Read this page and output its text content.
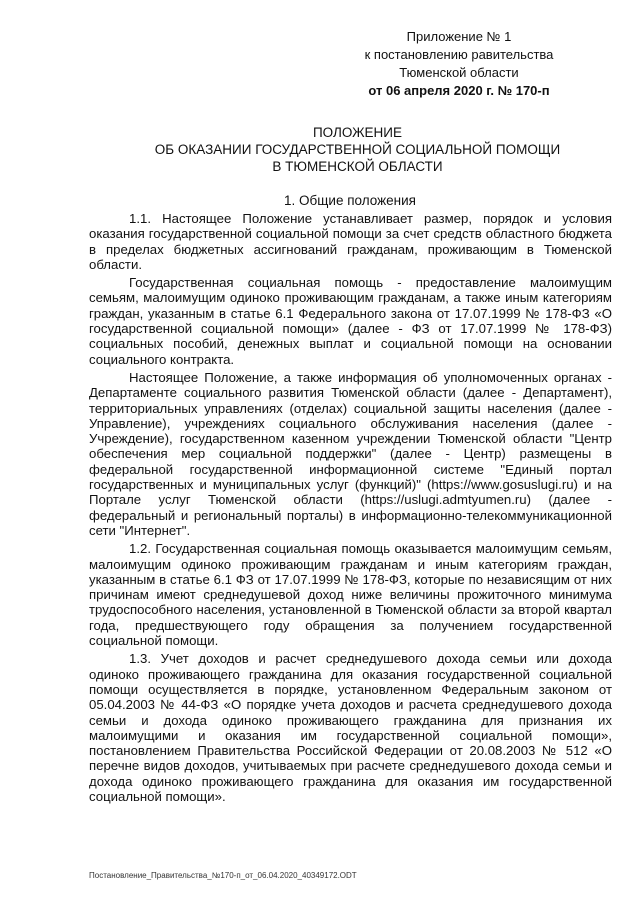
Приложение № 1
к постановлению равительства
Тюменской области
от 06 апреля 2020 г. № 170-п
ПОЛОЖЕНИЕ
ОБ ОКАЗАНИИ ГОСУДАРСТВЕННОЙ СОЦИАЛЬНОЙ ПОМОЩИ
В ТЮМЕНСКОЙ ОБЛАСТИ
1. Общие положения

1.1. Настоящее Положение устанавливает размер, порядок и условия оказания государственной социальной помощи за счет средств областного бюджета в пределах бюджетных ассигнований гражданам, проживающим в Тюменской области.

Государственная социальная помощь - предоставление малоимущим семьям, малоимущим одиноко проживающим гражданам, а также иным категориям граждан, указанным в статье 6.1 Федерального закона от 17.07.1999 № 178-ФЗ «О государственной социальной помощи» (далее - ФЗ от 17.07.1999 № 178-ФЗ) социальных пособий, денежных выплат и социальной помощи на основании социального контракта.

Настоящее Положение, а также информация об уполномоченных органах - Департаменте социального развития Тюменской области (далее - Департамент), территориальных управлениях (отделах) социальной защиты населения (далее - Управление), учреждениях социального обслуживания населения (далее - Учреждение), государственном казенном учреждении Тюменской области "Центр обеспечения мер социальной поддержки" (далее - Центр) размещены в федеральной государственной информационной системе "Единый портал государственных и муниципальных услуг (функций)" (https://www.gosuslugi.ru) и на Портале услуг Тюменской области (https://uslugi.admtyumen.ru) (далее - федеральный и региональный порталы) в информационно-телекоммуникационной сети "Интернет".

1.2. Государственная социальная помощь оказывается малоимущим семьям, малоимущим одиноко проживающим гражданам и иным категориям граждан, указанным в статье 6.1 ФЗ от 17.07.1999 № 178-ФЗ, которые по независящим от них причинам имеют среднедушевой доход ниже величины прожиточного минимума трудоспособного населения, установленной в Тюменской области за второй квартал года, предшествующего году обращения за получением государственной социальной помощи.

1.3. Учет доходов и расчет среднедушевого дохода семьи или дохода одиноко проживающего гражданина для оказания государственной социальной помощи осуществляется в порядке, установленном Федеральным законом от 05.04.2003 № 44-ФЗ «О порядке учета доходов и расчета среднедушевого дохода семьи и дохода одиноко проживающего гражданина для признания их малоимущими и оказания им государственной социальной помощи», постановлением Правительства Российской Федерации от 20.08.2003 № 512 «О перечне видов доходов, учитываемых при расчете среднедушевого дохода семьи и дохода одиноко проживающего гражданина для оказания им государственной социальной помощи».

Постановление_Правительства_№170-п_от_06.04.2020_40349172.ODT
